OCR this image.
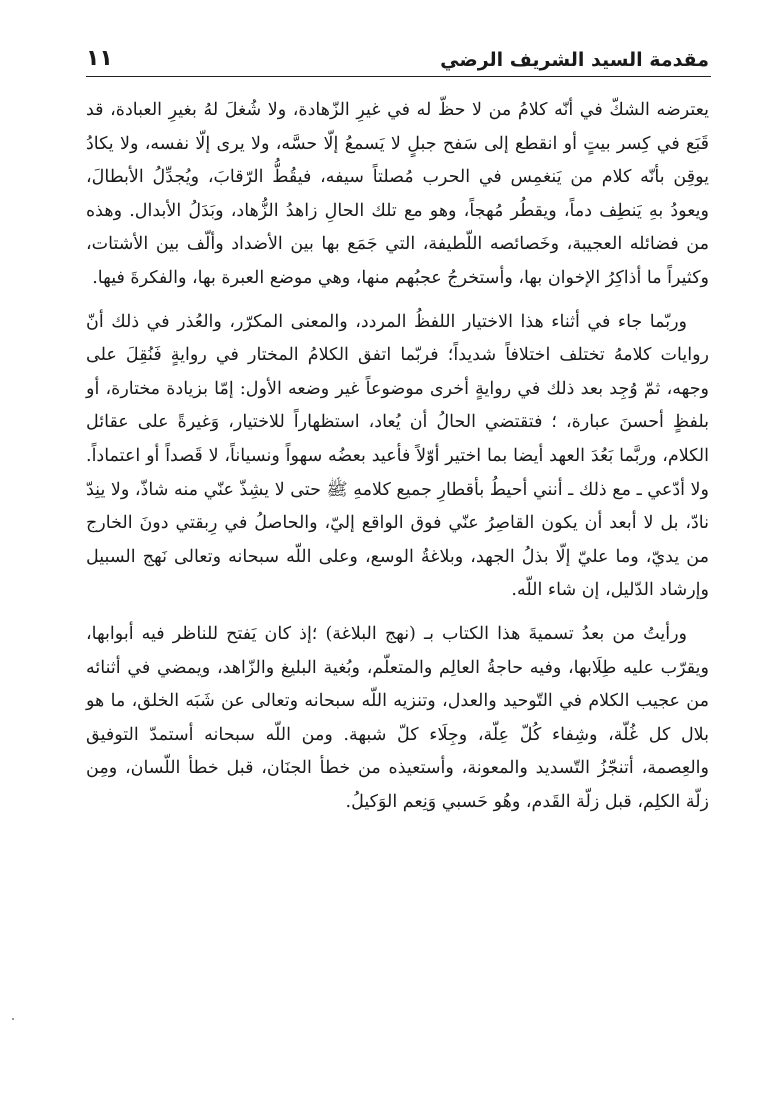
مقدمة السيد الشريف الرضي
١١

يعترضه الشكّ في أنّه كلامُ من لا حظّ له في غيرِ الزّهادة، ولا شُغلَ لهُ بغيرِ العبادة، قد قَبَع في كِسر بيتٍ أو انقطع إلى سَفح جبلٍ لا يَسمعُ إلّا حسَّه، ولا يرى إلّا نفسه، ولا يكادُ يوقِن بأنّه كلام من يَنغمِس في الحرب مُصلتاً سيفه، فيقُطُّ الرّقابَ، ويُجدِّلُ الأبطالَ، ويعودُ بهِ يَنطِف دماً، ويقطُر مُهجاً، وهو مع تلك الحالِ زاهدُ الزُّهاد، وبَدَلُ الأبدال. وهذه من فضائله العجيبة، وخَصائصه اللّطيفة، التي جَمَع بها بين الأضداد وألّف بين الأشتات، وكثيراً ما أذاكِرُ الإخوان بها، وأستخرجُ عجبُهم منها، وهي موضع العبرة بها، والفكرةَ فيها.

وربّما جاء في أثناء هذا الاختيار اللفظُ المردد، والمعنى المكرّر، والعُذر في ذلك أنّ روايات كلامهُ تختلف اختلافاً شديداً؛ فربّما اتفق الكلامُ المختار في روايةٍ فَنُقِلَ على وجهه، ثمّ وُجِد بعد ذلك في روايةٍ أخرى موضوعاً غير وضعه الأول: إمّا بزيادة مختارة، أو بلفظٍ أحسنَ عبارة، ؛ فتقتضي الحالُ أن يُعاد، استظهاراً للاختيار، وَغيرةً على عقائل الكلام، وربَّما بَعُدَ العهد أيضا بما اختير أوّلاً فأعيد بعضُه سهواً ونسياناً، لا قَصداً أو اعتماداً. ولا أدّعي ـ مع ذلك ـ أنني أحيطُ بأقطارِ جميع كلامهِ ﷺ حتى لا يشِذّ عنّي منه شاذّ، ولا ينِدّ نادّ، بل لا أبعد أن يكون القاصِرُ عنّي فوق الواقع إليّ، والحاصلُ في رِبقتي دونَ الخارج من يديّ، وما عليّ إلّا بذلُ الجهد، وبلاغةُ الوسع، وعلى اللّه سبحانه وتعالى نَهج السبيل وإرشاد الدّليل، إن شاء اللّه.

ورأيتُ من بعدُ تسميةَ هذا الكتاب بـ (نهج البلاغة) ؛إذ كان يَفتح للناظر فيه أبوابها، ويقرّب عليه طِلَابها، وفيه حاجةُ العالِم والمتعلّم، وبُغية البليغ والزّاهد، ويمضي في أثنائه من عجيب الكلام في التّوحيد والعدل، وتنزيه اللّه سبحانه وتعالى عن شَبَه الخلق، ما هو بلال كل غُلّة، وشِفاء كُلّ عِلّة، وجِلَاء كلّ شبهة. ومن اللّه سبحانه أستمدّ التوفيق والعِصمة، أتنجّزُ التّسديد والمعونة، وأستعيذه من خطأ الجنَان، قبل خطأ اللّسان، ومِن زلّة الكلِم، قبل زلّة القَدم، وهُو حَسبي وَنِعم الوَكيلُ.
